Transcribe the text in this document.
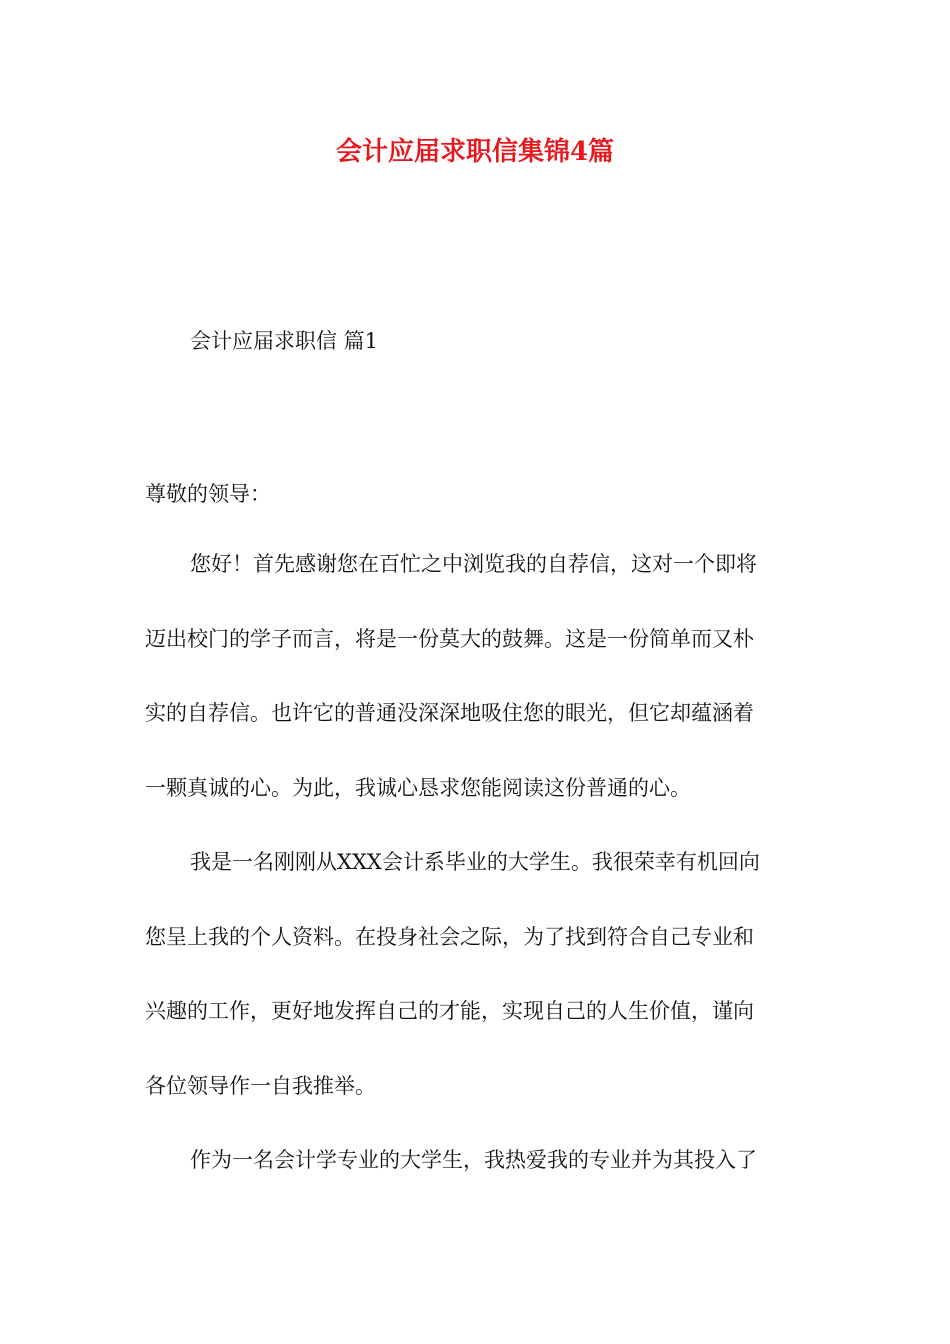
会计应届求职信集锦4篇
会计应届求职信 篇1
尊敬的领导：
您好！首先感谢您在百忙之中浏览我的自荐信，这对一个即将
迈出校门的学子而言，将是一份莫大的鼓舞。这是一份简单而又朴
实的自荐信。也许它的普通没深深地吸住您的眼光，但它却蕴涵着
一颗真诚的心。为此，我诚心恳求您能阅读这份普通的心。
我是一名刚刚从XXX会计系毕业的大学生。我很荣幸有机回向
您呈上我的个人资料。在投身社会之际，为了找到符合自己专业和
兴趣的工作，更好地发挥自己的才能，实现自己的人生价值，谨向
各位领导作一自我推举。
作为一名会计学专业的大学生，我热爱我的专业并为其投入了
